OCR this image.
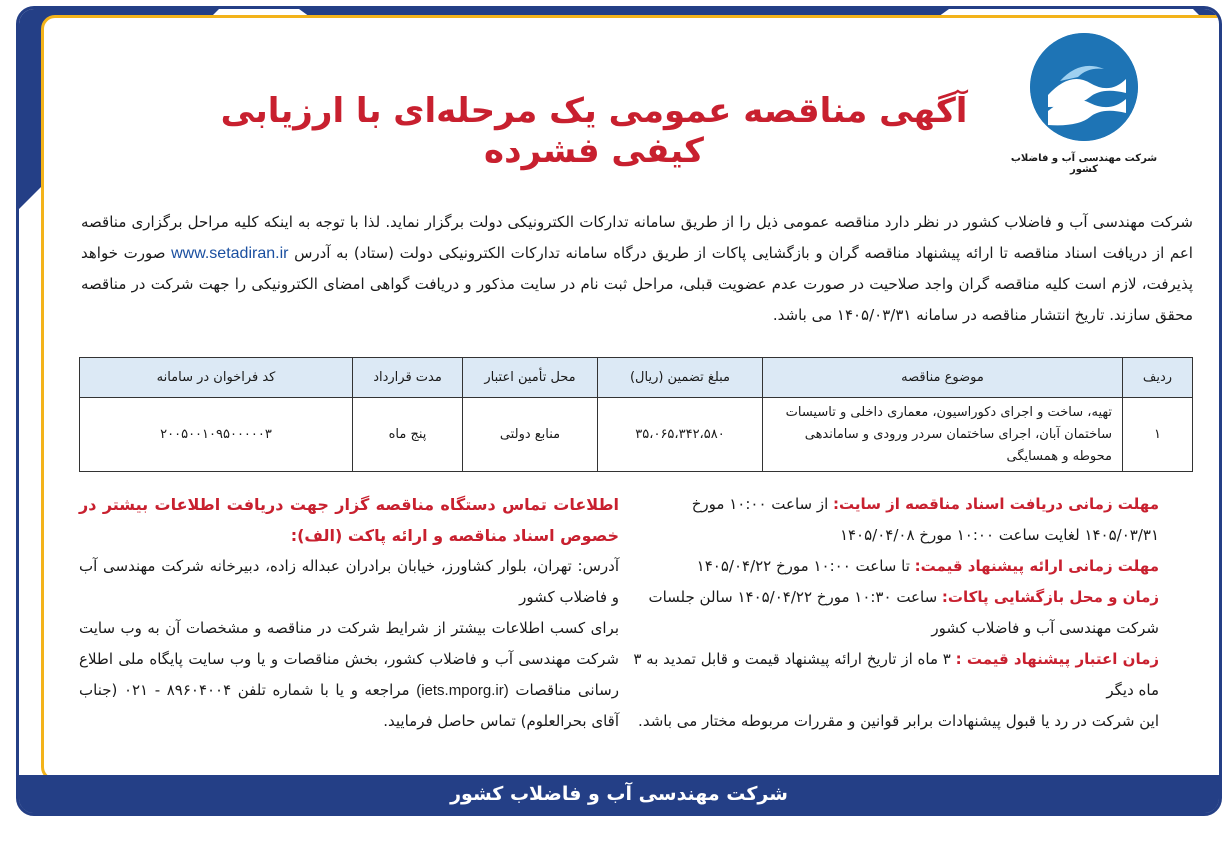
نوبت دوم
شرکت مهندسی آب و فاضلاب کشور
آگهی مناقصه عمومی یک مرحله‌ای با ارزیابی کیفی فشرده
شرکت مهندسی آب و فاضلاب کشور در نظر دارد مناقصه عمومی ذیل را از طریق سامانه تدارکات الکترونیکی دولت برگزار نماید. لذا با توجه به اینکه کلیه مراحل برگزاری مناقصه اعم از دریافت اسناد مناقصه تا ارائه پیشنهاد مناقصه گران و بازگشایی پاکات از طریق درگاه سامانه تدارکات الکترونیکی دولت (ستاد) به آدرس www.setadiran.ir صورت خواهد پذیرفت، لازم است کلیه مناقصه گران واجد صلاحیت در صورت عدم عضویت قبلی، مراحل ثبت نام در سایت مذکور و دریافت گواهی امضای الکترونیکی را جهت شرکت در مناقصه محقق سازند. تاریخ انتشار مناقصه در سامانه ۱۴۰۵/۰۳/۳۱ می باشد.
ردیف	موضوع مناقصه	مبلغ تضمین (ریال)	محل تأمین اعتبار	مدت قرارداد	کد فراخوان در سامانه
۱	تهیه، ساخت و اجرای دکوراسیون، معماری داخلی و تاسیسات ساختمان آبان، اجرای ساختمان سردر ورودی و ساماندهی محوطه و همسایگی	۳۵،۰۶۵،۳۴۲،۵۸۰	منابع دولتی	پنج ماه	۲۰۰۵۰۰۱۰۹۵۰۰۰۰۰۳
مهلت زمانی دریافت اسناد مناقصه از سایت: از ساعت ۱۰:۰۰ مورخ ۱۴۰۵/۰۳/۳۱ لغایت ساعت ۱۰:۰۰ مورخ ۱۴۰۵/۰۴/۰۸
مهلت زمانی ارائه پیشنهاد قیمت: تا ساعت ۱۰:۰۰ مورخ ۱۴۰۵/۰۴/۲۲
زمان و محل بازگشایی پاکات: ساعت ۱۰:۳۰ مورخ ۱۴۰۵/۰۴/۲۲ سالن جلسات شرکت مهندسی آب و فاضلاب کشور
زمان اعتبار پیشنهاد قیمت : ۳ ماه از تاریخ ارائه پیشنهاد قیمت و قابل تمدید به ۳ ماه دیگر
این شرکت در رد یا قبول پیشنهادات برابر قوانین و مقررات مربوطه مختار می باشد.
اطلاعات تماس دستگاه مناقصه گزار جهت دریافت اطلاعات بیشتر در خصوص اسناد مناقصه و ارائه پاکت (الف):
آدرس: تهران، بلوار کشاورز، خیابان برادران عبداله زاده، دبیرخانه شرکت مهندسی آب و فاضلاب کشور
برای کسب اطلاعات بیشتر از شرایط شرکت در مناقصه و مشخصات آن به وب سایت شرکت مهندسی آب و فاضلاب کشور، بخش مناقصات و یا وب سایت پایگاه ملی اطلاع رسانی مناقصات (iets.mporg.ir) مراجعه و یا با شماره تلفن ۸۹۶۰۴۰۰۴ - ۰۲۱ (جناب آقای بحرالعلوم) تماس حاصل فرمایید.
شرکت مهندسی آب و فاضلاب کشور
